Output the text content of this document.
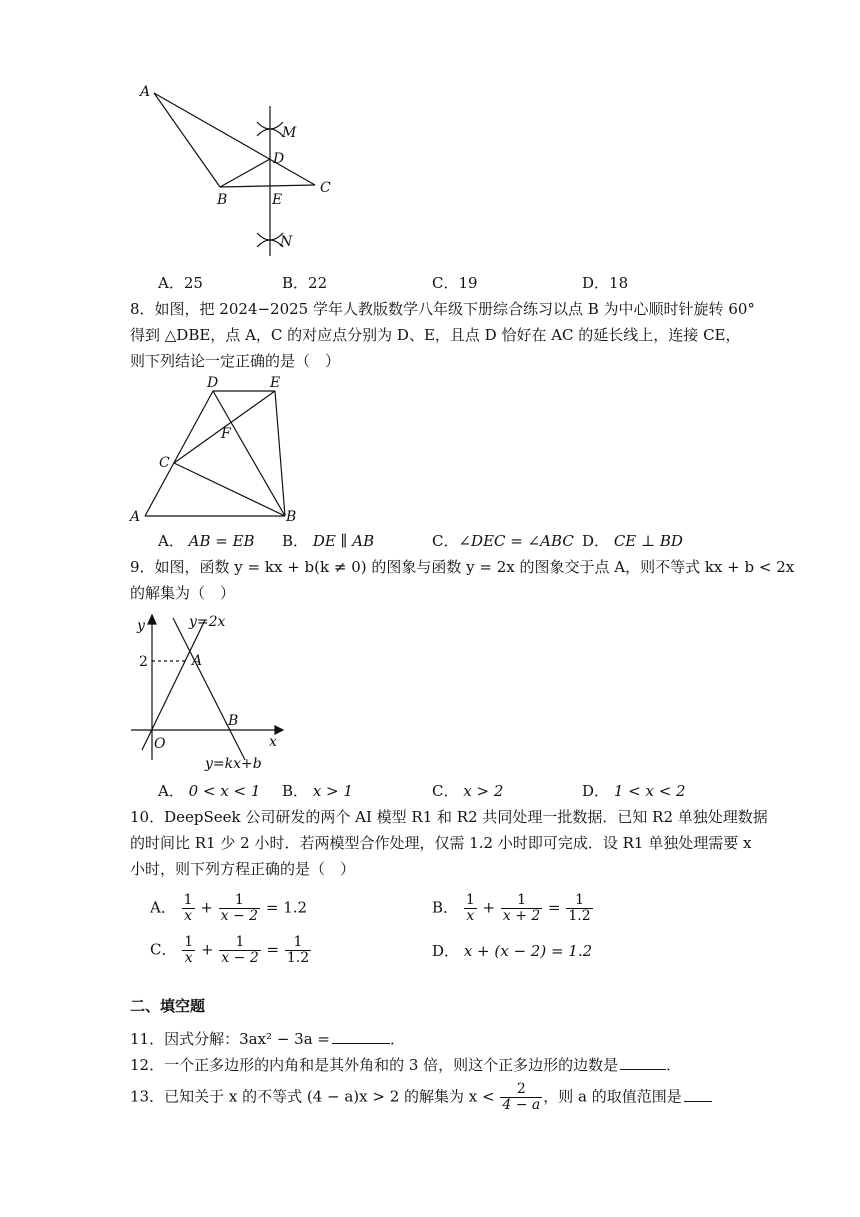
A
M
D
B	E
C
N
A．25	B．22	C．19	D．18
8．如图，把 2024−2025 学年人教版数学八年级下册综合练习以点 B 为中心顺时针旋转 60°
得到 △DBE，点 A，C 的对应点分别为 D、E，且点 D 恰好在 AC 的延长线上，连接 CE，
则下列结论一定正确的是（　）
D	E
F
C
A	B
A． AB = EB B． DE ∥ AB	C．∠DEC = ∠ABC D． CE ⊥ BD
9．如图，函数 y = kx + b(k ≠ 0) 的图象与函数 y = 2x 的图象交于点 A，则不等式 kx + b < 2x
的解集为（　）
y	y=2x
2	A
B
O	x
y=kx+b
A． 0 < x < 1 B． x > 1	C． x > 2	D． 1 < x < 2
10．DeepSeek 公司研发的两个 AI 模型 R1 和 R2 共同处理一批数据．已知 R2 单独处理数据
的时间比 R1 少 2 小时．若两模型合作处理，仅需 1.2 小时即可完成．设 R1 单独处理需要 x
小时，则下列方程正确的是（　）
A． $\frac{1}{x} + \frac{1}{x - 2} = 1.2$	B． $\frac{1}{x} + \frac{1}{x + 2} = \frac{1}{1.2}$
C． $\frac{1}{x} + \frac{1}{x - 2} = \frac{1}{1.2}$	D． x + (x − 2) = 1.2
二、填空题
11．因式分解：3ax² − 3a =	．
12．一个正多边形的内角和是其外角和的 3 倍，则这个正多边形的边数是	．
13．已知关于 x 的不等式 (4 − a)x > 2 的解集为 $x < \frac{2}{4 - a}$ ，则 a 的取值范围是
